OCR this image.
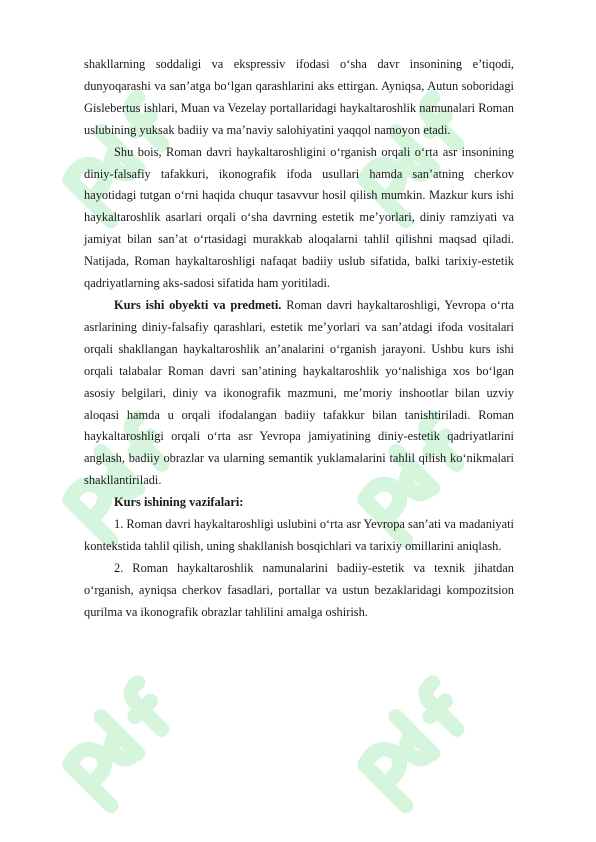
shakllarning soddaligi va ekspressiv ifodasi o‘sha davr insonining e’tiqodi, dunyoqarashi va san’atga bo‘lgan qarashlarini aks ettirgan. Ayniqsa, Autun soboridagi Gislebertus ishlari, Muan va Vezelay portallaridagi haykaltaroshlik namunalari Roman uslubining yuksak badiiy va ma’naviy salohiyatini yaqqol namoyon etadi.

Shu bois, Roman davri haykaltaroshligini o‘rganish orqali o‘rta asr insonining diniy-falsafiy tafakkuri, ikonografik ifoda usullari hamda san’atning cherkov hayotidagi tutgan o‘rni haqida chuqur tasavvur hosil qilish mumkin. Mazkur kurs ishi haykaltaroshlik asarlari orqali o‘sha davrning estetik me’yorlari, diniy ramziyati va jamiyat bilan san’at o‘rtasidagi murakkab aloqalarni tahlil qilishni maqsad qiladi. Natijada, Roman haykaltaroshligi nafaqat badiiy uslub sifatida, balki tarixiy-estetik qadriyatlarning aks-sadosi sifatida ham yoritiladi.

Kurs ishi obyekti va predmeti. Roman davri haykaltaroshligi, Yevropa o‘rta asrlarining diniy-falsafiy qarashlari, estetik me’yorlari va san’atdagi ifoda vositalari orqali shakllangan haykaltaroshlik an’analarini o‘rganish jarayoni. Ushbu kurs ishi orqali talabalar Roman davri san’atining haykaltaroshlik yo‘nalishiga xos bo‘lgan asosiy belgilari, diniy va ikonografik mazmuni, me’moriy inshootlar bilan uzviy aloqasi hamda u orqali ifodalangan badiiy tafakkur bilan tanishtiriladi. Roman haykaltaroshligi orqali o‘rta asr Yevropa jamiyatining diniy-estetik qadriyatlarini anglash, badiiy obrazlar va ularning semantik yuklamalarini tahlil qilish ko‘nikmalari shakllantiriladi.

Kurs ishining vazifalari:

1. Roman davri haykaltaroshligi uslubini o‘rta asr Yevropa san’ati va madaniyati kontekstida tahlil qilish, uning shakllanish bosqichlari va tarixiy omillarini aniqlash.

2. Roman haykaltaroshlik namunalarini badiiy-estetik va texnik jihatdan o‘rganish, ayniqsa cherkov fasadlari, portallar va ustun bezaklaridagi kompozitsion qurilma va ikonografik obrazlar tahlilini amalga oshirish.
